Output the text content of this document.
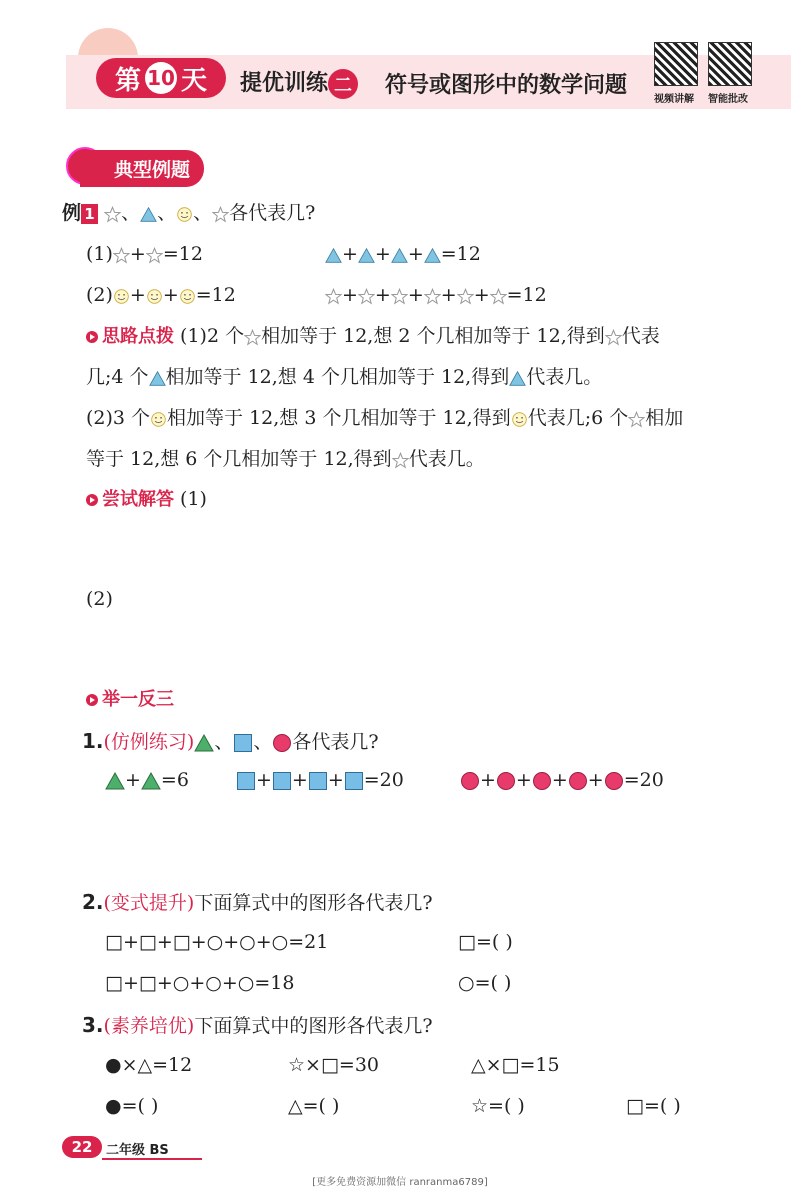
第 10 天 提优训练 二 符号或图形中的数学问题
视频讲解 智能批改
典型例题
例 1 、 、 、 各代表几?
(1) + =12	+ + + =12
(2) + + =12	+ + + + + =12
思路点拨 (1)2 个 相加等于 12,想 2 个几相加等于 12,得到 代表
几;4 个 相加等于 12,想 4 个几相加等于 12,得到 代表几。
(2)3 个 相加等于 12,想 3 个几相加等于 12,得到 代表几;6 个 相加
等于 12,想 6 个几相加等于 12,得到 代表几。
尝试解答 (1)
(2)
举一反三
1.(仿例练习) 、 、 各代表几?
+ =6	+ + + =20	+ + + + =20
2.(变式提升)下面算式中的图形各代表几?
□+□+□+○+○+○=21	□=( )
□+□+○+○+○=18	○=( )
3.(素养培优)下面算式中的图形各代表几?
●×△=12	☆×□=30	△×□=15
●=( )	△=( )	☆=( )	□=( )
22	二年级 BS
[更多免费资源加微信 ranranma6789]
